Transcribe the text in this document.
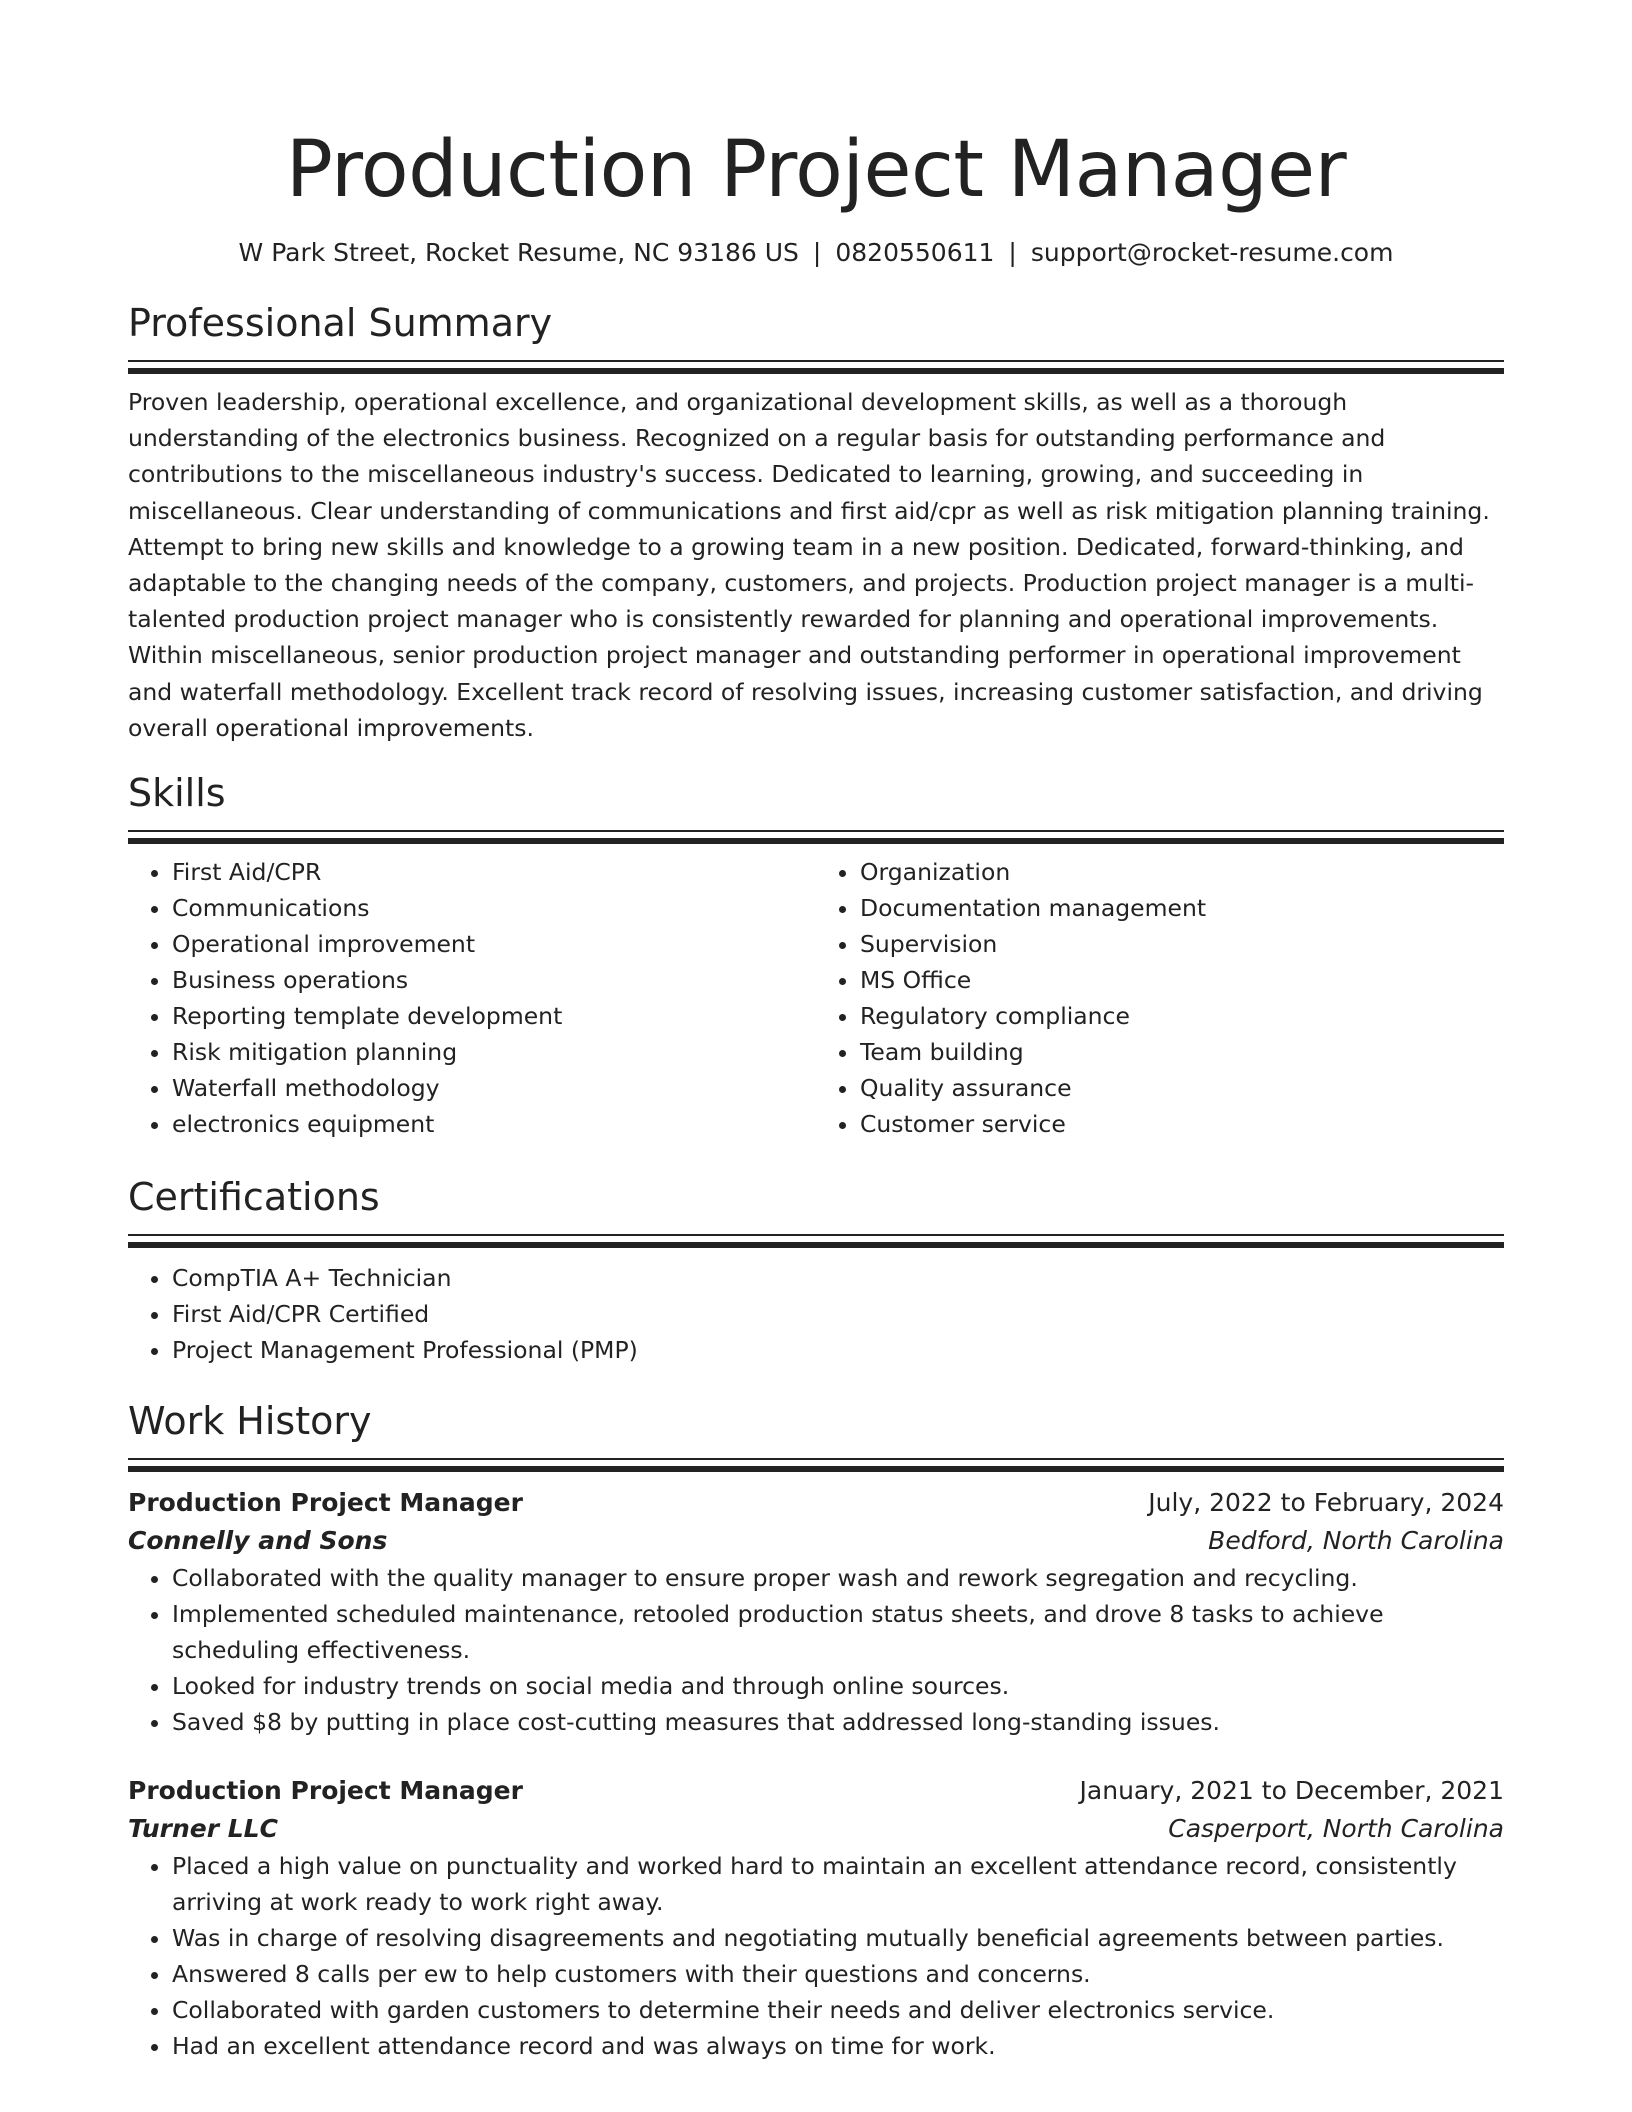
Production Project Manager
W Park Street, Rocket Resume, NC 93186 US | 0820550611 | support@rocket-resume.com
Professional Summary

Proven leadership, operational excellence, and organizational development skills, as well as a thorough understanding of the electronics business. Recognized on a regular basis for outstanding performance and contributions to the miscellaneous industry's success. Dedicated to learning, growing, and succeeding in miscellaneous. Clear understanding of communications and first aid/cpr as well as risk mitigation planning training. Attempt to bring new skills and knowledge to a growing team in a new position. Dedicated, forward-thinking, and adaptable to the changing needs of the company, customers, and projects. Production project manager is a multi-talented production project manager who is consistently rewarded for planning and operational improvements. Within miscellaneous, senior production project manager and outstanding performer in operational improvement and waterfall methodology. Excellent track record of resolving issues, increasing customer satisfaction, and driving overall operational improvements.

Skills
• First Aid/CPR
• Communications
• Operational improvement
• Business operations
• Reporting template development
• Risk mitigation planning
• Waterfall methodology
• electronics equipment
• Organization
• Documentation management
• Supervision
• MS Office
• Regulatory compliance
• Team building
• Quality assurance
• Customer service
Certifications
• CompTIA A+ Technician
• First Aid/CPR Certified
• Project Management Professional (PMP)
Work History
Production Project Manager	July, 2022 to February, 2024
Connelly and Sons	Bedford, North Carolina
• Collaborated with the quality manager to ensure proper wash and rework segregation and recycling.
• Implemented scheduled maintenance, retooled production status sheets, and drove 8 tasks to achieve scheduling effectiveness.
• Looked for industry trends on social media and through online sources.
• Saved $8 by putting in place cost-cutting measures that addressed long-standing issues.
Production Project Manager	January, 2021 to December, 2021
Turner LLC	Casperport, North Carolina
• Placed a high value on punctuality and worked hard to maintain an excellent attendance record, consistently arriving at work ready to work right away.
• Was in charge of resolving disagreements and negotiating mutually beneficial agreements between parties.
• Answered 8 calls per ew to help customers with their questions and concerns.
• Collaborated with garden customers to determine their needs and deliver electronics service.
• Had an excellent attendance record and was always on time for work.
